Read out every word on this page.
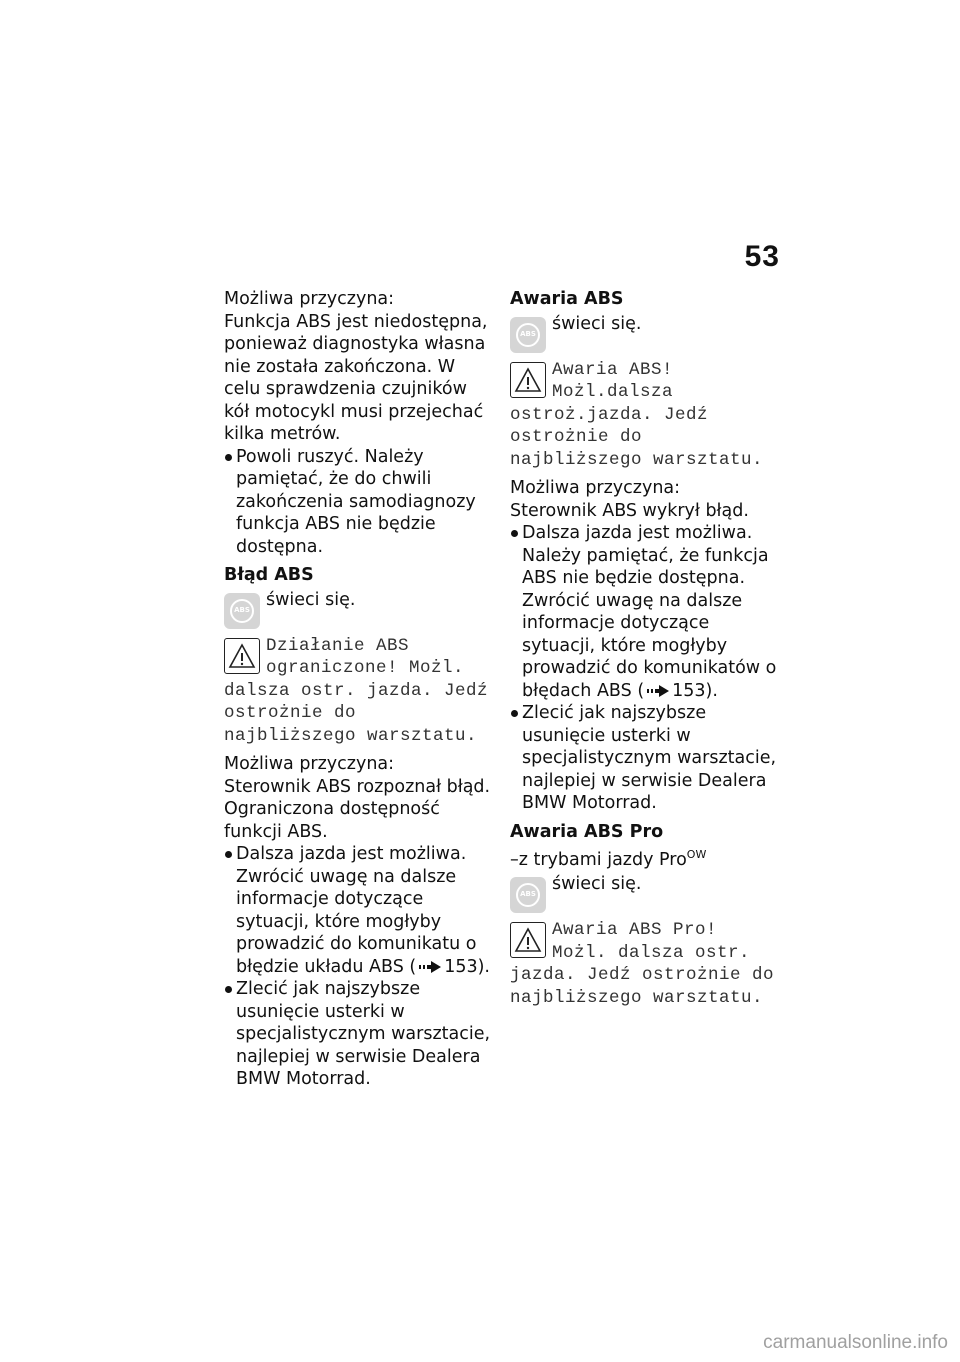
53

Możliwa przyczyna:

Funkcja ABS jest niedostępna, ponieważ diagnostyka własna nie została zakończona. W celu sprawdzenia czujników kół motocykl musi przejechać kilka metrów.

Powoli ruszyć. Należy pamiętać, że do chwili zakończenia samodiagnozy funkcja ABS nie będzie dostępna.

Błąd ABS

ABS świeci się.
Działanie ABS ograniczone! Możl. dalsza ostr. jazda. Jedź ostrożnie do najbliższego warsztatu.

Możliwa przyczyna:

Sterownik ABS rozpoznał błąd. Ograniczona dostępność funkcji ABS.

Dalsza jazda jest możliwa. Zwrócić uwagę na dalsze informacje dotyczące sytuacji, które mogłyby prowadzić do komunikatu o błędzie układu ABS ( 153).
Zlecić jak najszybsze usunięcie usterki w specjalistycznym warsztacie, najlepiej w serwisie Dealera BMW Motorrad.

Awaria ABS

ABS świeci się.
Awaria ABS! Możl.dalsza ostroż.jazda. Jedź ostrożnie do najbliższego warsztatu.

Możliwa przyczyna:

Sterownik ABS wykrył błąd.

Dalsza jazda jest możliwa. Należy pamiętać, że funkcja ABS nie będzie dostępna. Zwrócić uwagę na dalsze informacje dotyczące sytuacji, które mogłyby prowadzić do komunikatów o błędach ABS ( 153).
Zlecić jak najszybsze usunięcie usterki w specjalistycznym warsztacie, najlepiej w serwisie Dealera BMW Motorrad.

Awaria ABS Pro

–z trybami jazdy Pro$^{OW}$

ABS świeci się.
Awaria ABS Pro! Możl. dalsza ostr. jazda. Jedź ostrożnie do najbliższego warsztatu.
carmanualsonline.info
